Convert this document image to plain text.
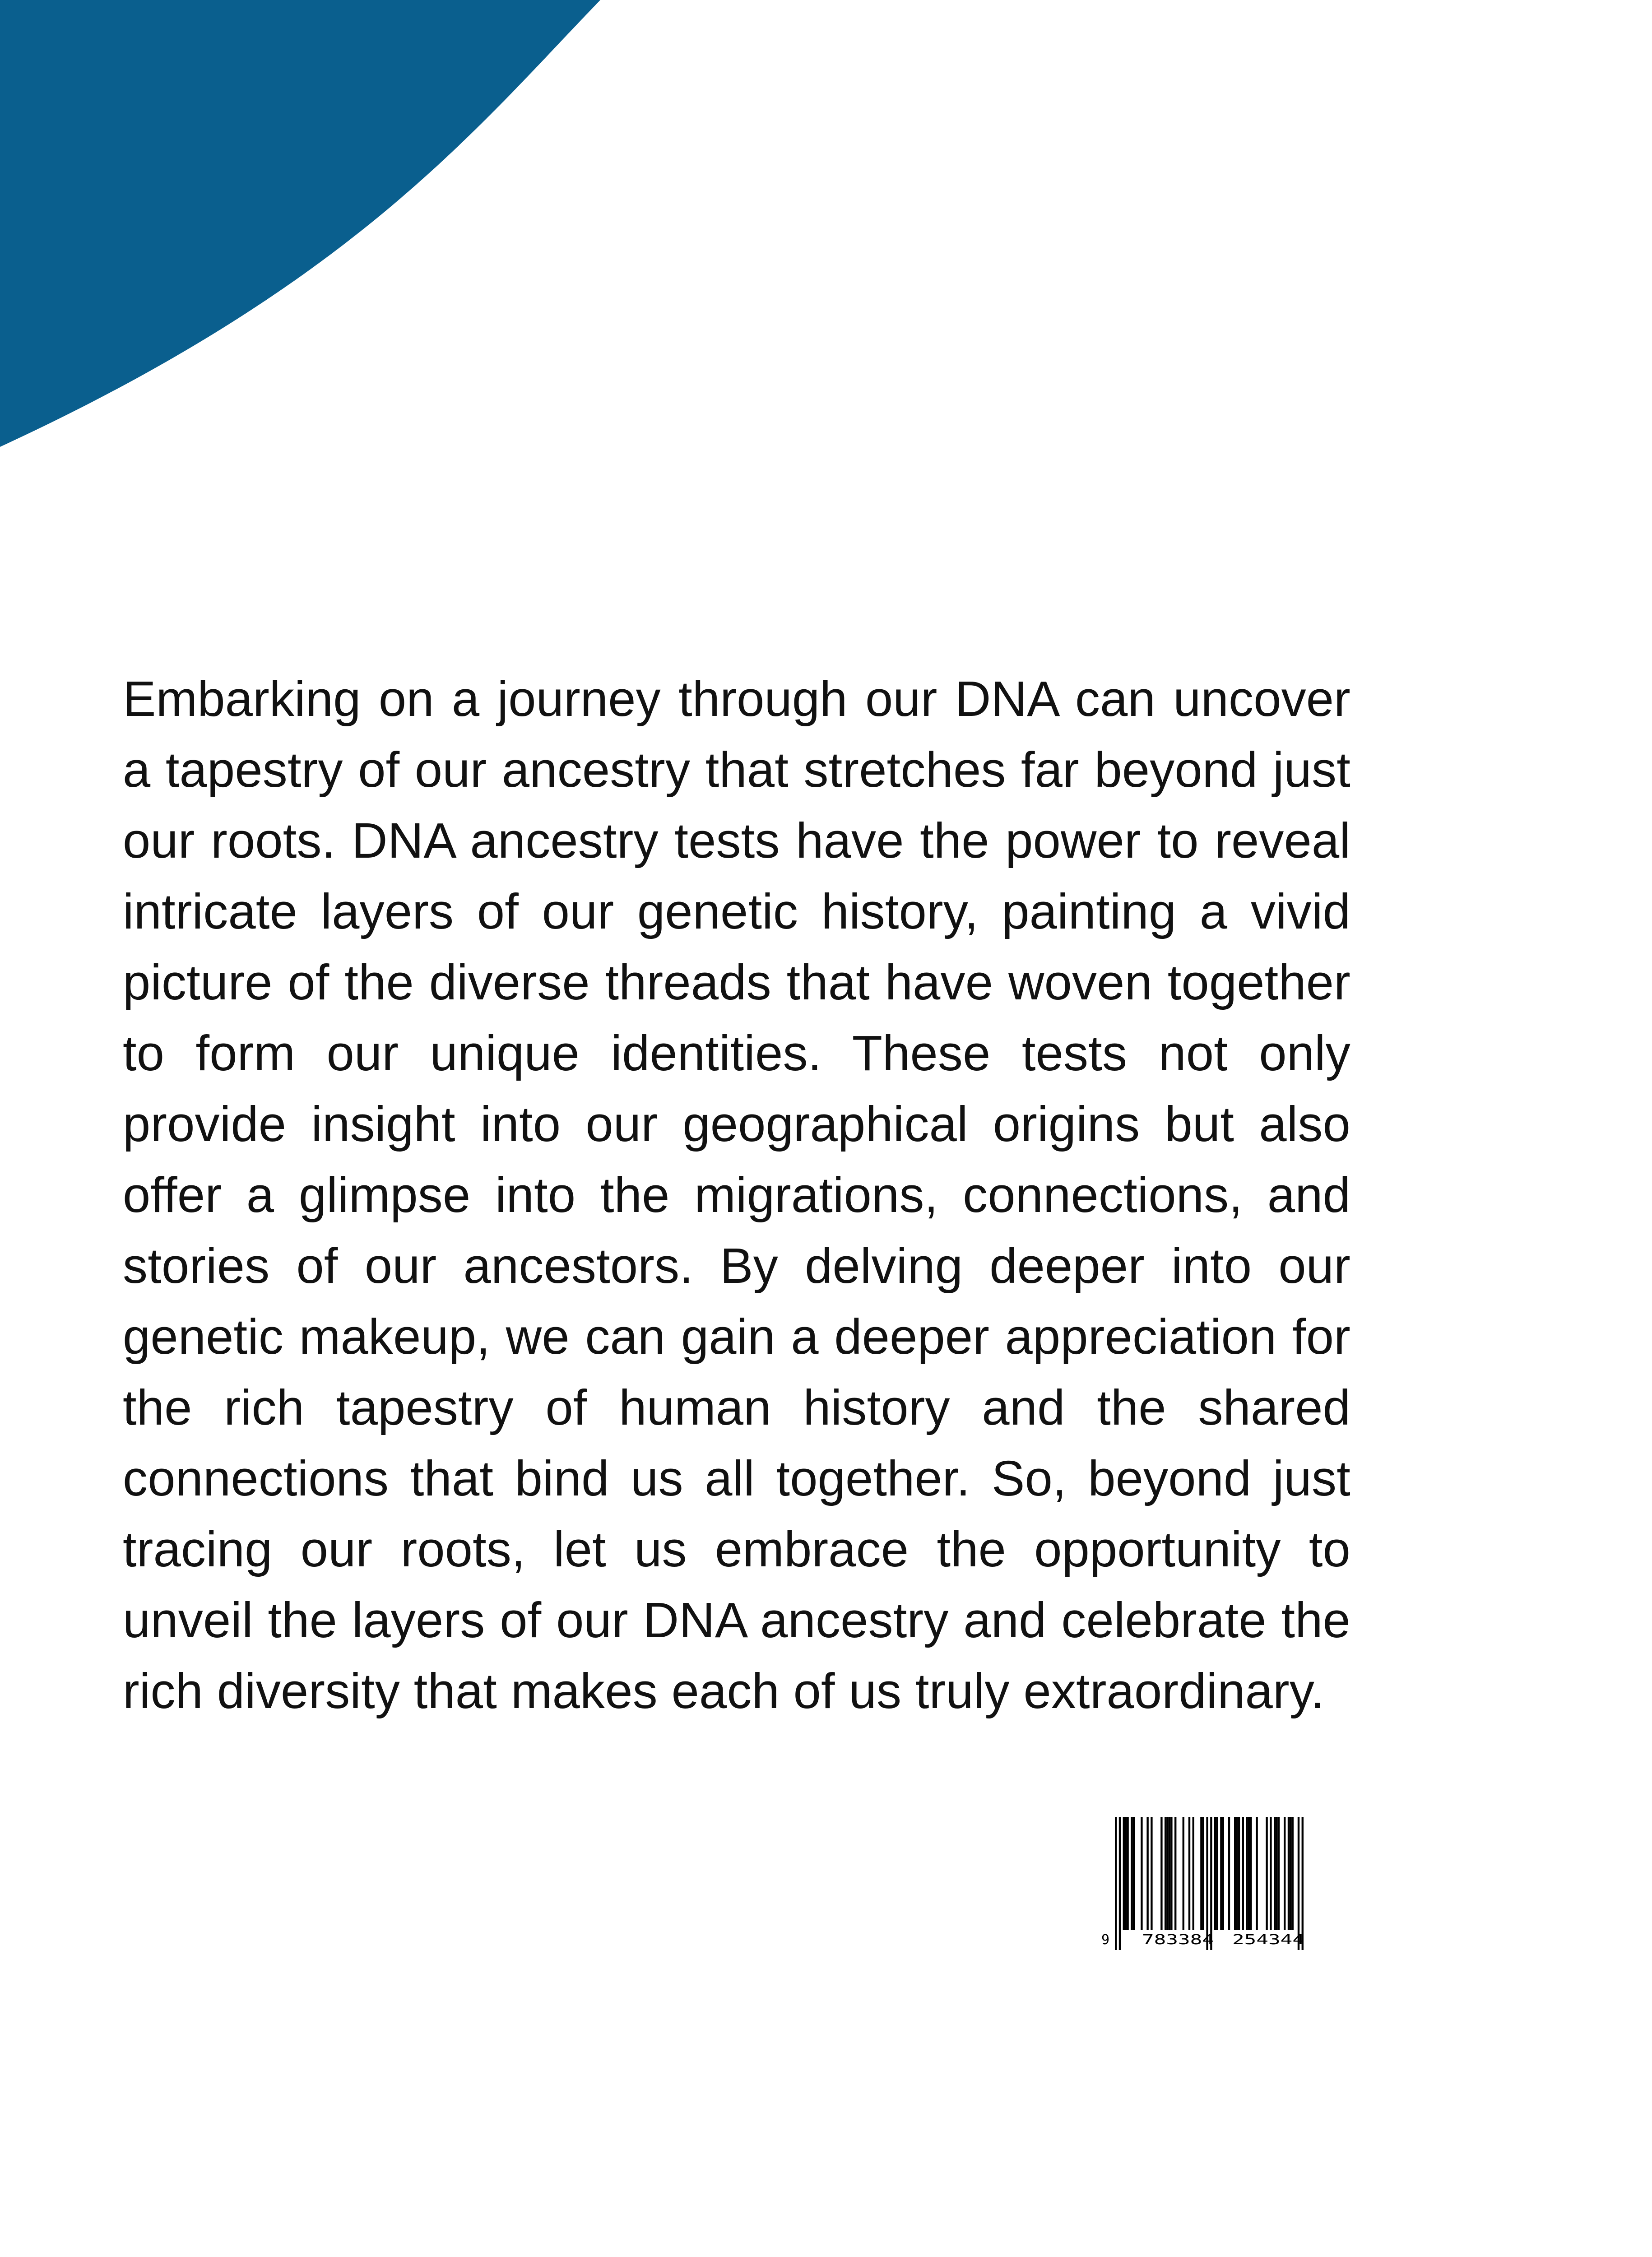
Embarking on a journey through our DNA can uncover a tapestry of our ancestry that stretches far beyond just our roots. DNA ancestry tests have the power to reveal intricate layers of our genetic history, painting a vivid picture of the diverse threads that have woven together to form our unique identities. These tests not only provide insight into our geographical origins but also offer a glimpse into the migrations, connections, and stories of our ancestors. By delving deeper into our genetic makeup, we can gain a deeper appreciation for the rich tapestry of human history and the shared connections that bind us all together. So, beyond just tracing our roots, let us embrace the opportunity to unveil the layers of our DNA ancestry and celebrate the rich diversity that makes each of us truly extraordinary.

9 783384 254344
